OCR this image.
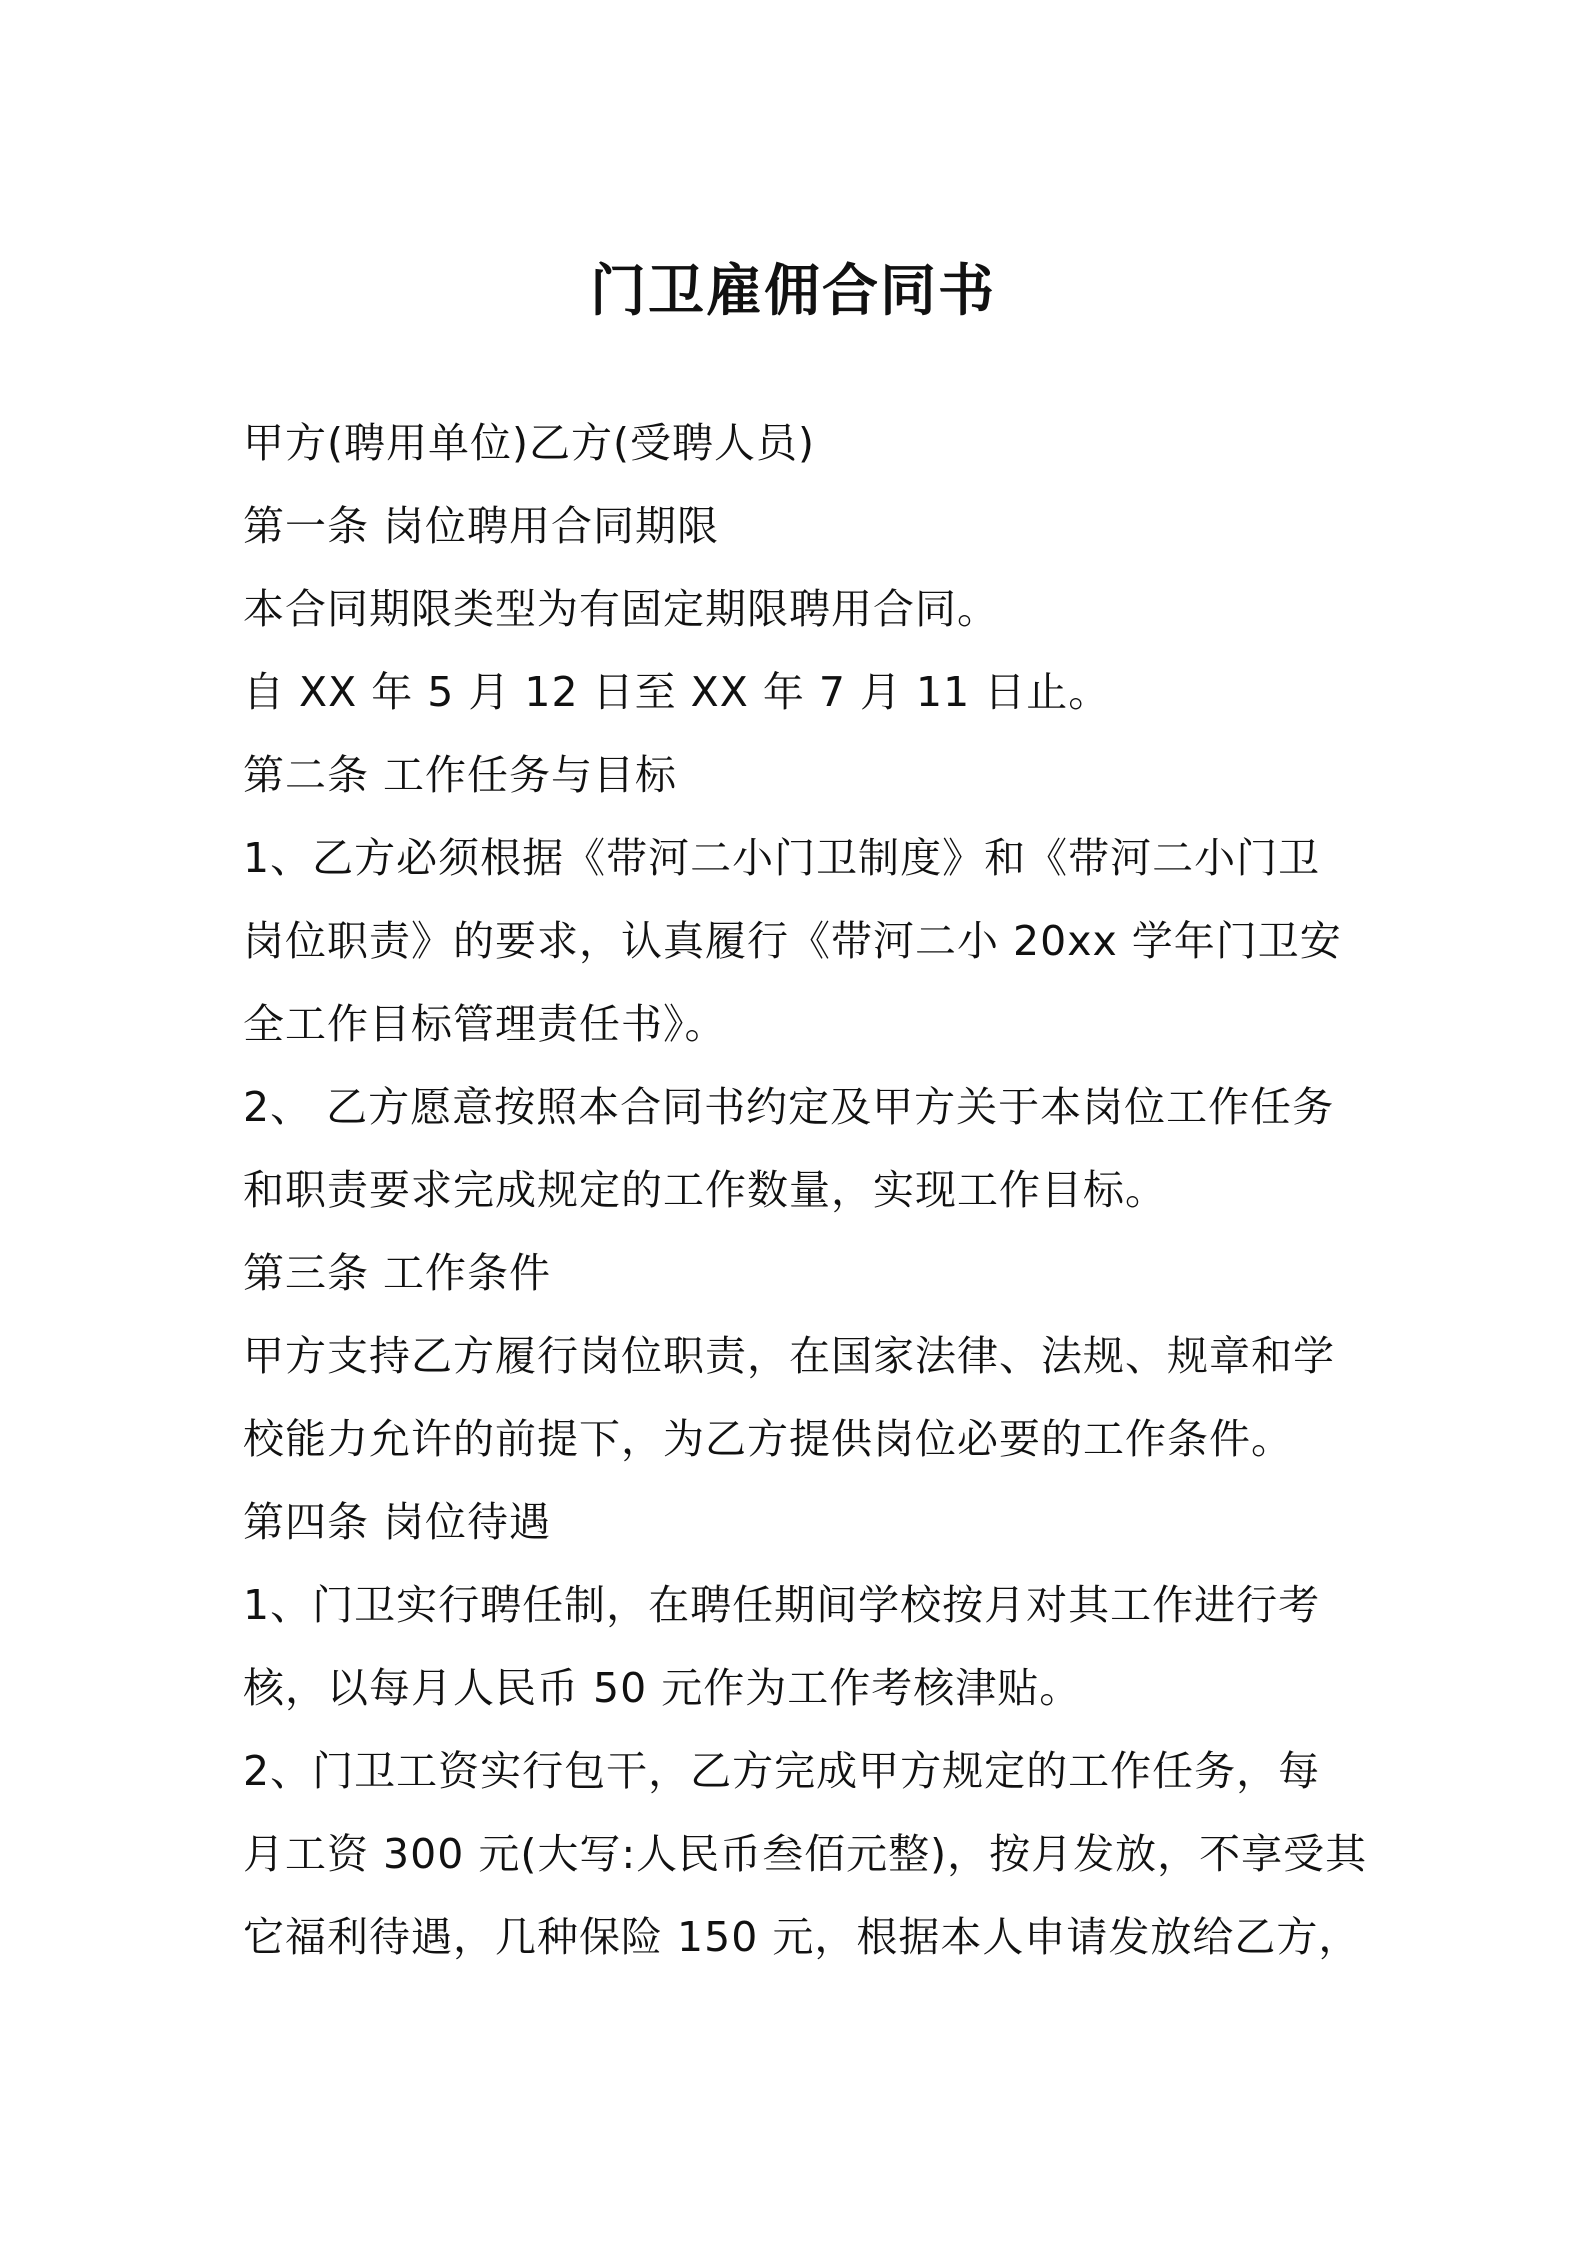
门卫雇佣合同书
甲方(聘用单位)乙方(受聘人员)
第一条 岗位聘用合同期限
本合同期限类型为有固定期限聘用合同。
自 XX 年 5 月 12 日至 XX 年 7 月 11 日止。
第二条 工作任务与目标
1、乙方必须根据《带河二小门卫制度》和《带河二小门卫
岗位职责》的要求，认真履行《带河二小 20xx 学年门卫安
全工作目标管理责任书》。
2、 乙方愿意按照本合同书约定及甲方关于本岗位工作任务
和职责要求完成规定的工作数量，实现工作目标。
第三条 工作条件
甲方支持乙方履行岗位职责，在国家法律、法规、规章和学
校能力允许的前提下，为乙方提供岗位必要的工作条件。
第四条 岗位待遇
1、门卫实行聘任制，在聘任期间学校按月对其工作进行考
核，以每月人民币 50 元作为工作考核津贴。
2、门卫工资实行包干，乙方完成甲方规定的工作任务，每
月工资 300 元(大写:人民币叁佰元整)，按月发放，不享受其
它福利待遇，几种保险 150 元，根据本人申请发放给乙方，
